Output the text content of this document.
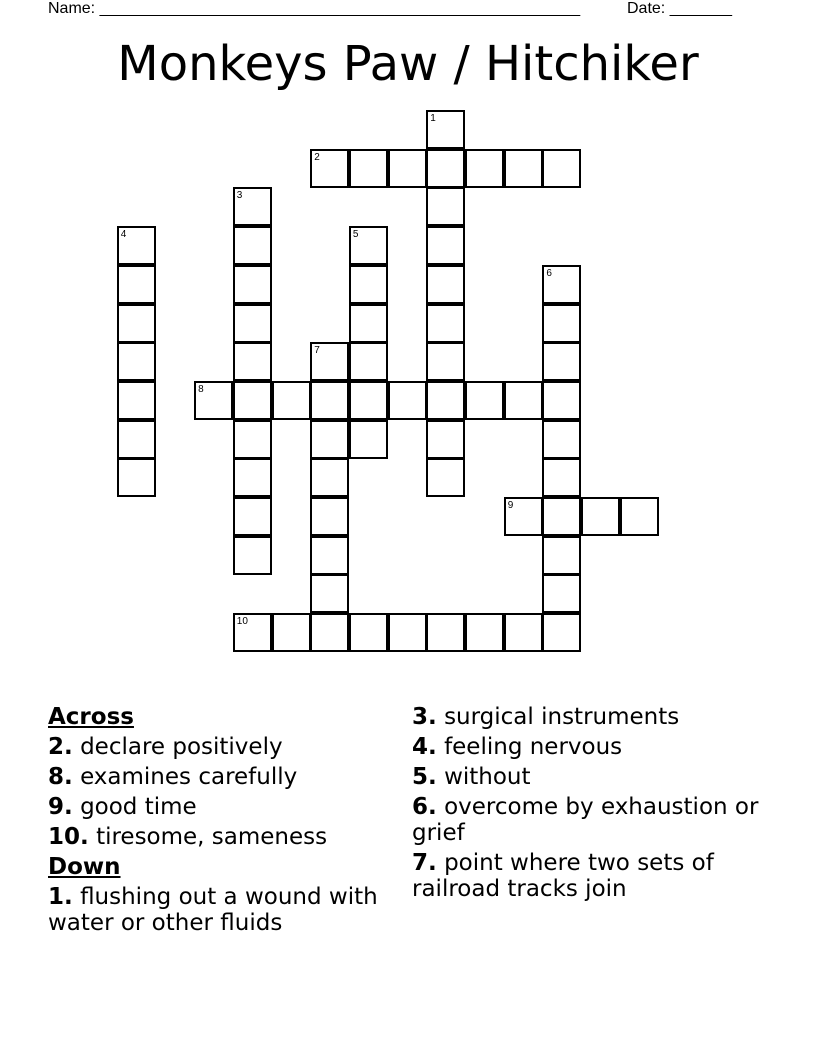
Name: ______________________________________________________	Date: _______
Monkeys Paw / Hitchiker
1
2
3
4	5
6
7
8
9
10
Across
2. declare positively
8. examines carefully
9. good time
10. tiresome, sameness
Down
1. flushing out a wound with water or other fluids
3. surgical instruments
4. feeling nervous
5. without
6. overcome by exhaustion or grief
7. point where two sets of railroad tracks join
